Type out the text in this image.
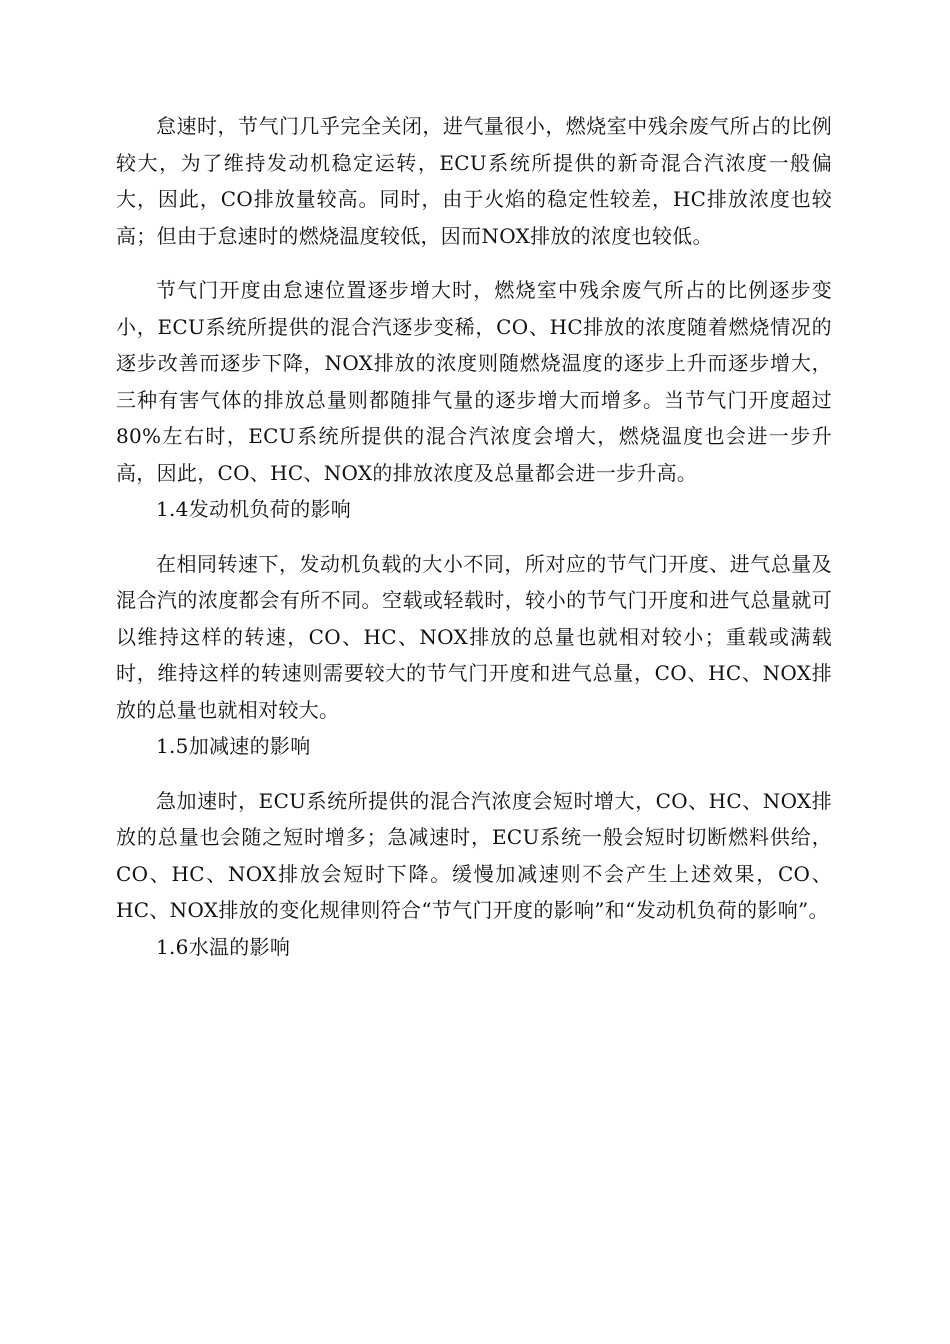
怠速时，节气门几乎完全关闭，进气量很小，燃烧室中残余废气所占的比例较大，为了维持发动机稳定运转，ECU系统所提供的新奇混合汽浓度一般偏大，因此，CO排放量较高。同时，由于火焰的稳定性较差，HC排放浓度也较高；但由于怠速时的燃烧温度较低，因而NOX排放的浓度也较低。

节气门开度由怠速位置逐步增大时，燃烧室中残余废气所占的比例逐步变小，ECU系统所提供的混合汽逐步变稀，CO、HC排放的浓度随着燃烧情况的逐步改善而逐步下降，NOX排放的浓度则随燃烧温度的逐步上升而逐步增大，三种有害气体的排放总量则都随排气量的逐步增大而增多。当节气门开度超过80%左右时，ECU系统所提供的混合汽浓度会增大，燃烧温度也会进一步升高，因此，CO、HC、NOX的排放浓度及总量都会进一步升高。

1.4发动机负荷的影响

在相同转速下，发动机负载的大小不同，所对应的节气门开度、进气总量及混合汽的浓度都会有所不同。空载或轻载时，较小的节气门开度和进气总量就可以维持这样的转速，CO、HC、NOX排放的总量也就相对较小；重载或满载时，维持这样的转速则需要较大的节气门开度和进气总量，CO、HC、NOX排放的总量也就相对较大。

1.5加减速的影响

急加速时，ECU系统所提供的混合汽浓度会短时增大，CO、HC、NOX排放的总量也会随之短时增多；急减速时，ECU系统一般会短时切断燃料供给，CO、HC、NOX排放会短时下降。缓慢加减速则不会产生上述效果，CO、HC、NOX排放的变化规律则符合“节气门开度的影响”和“发动机负荷的影响”。

1.6水温的影响
